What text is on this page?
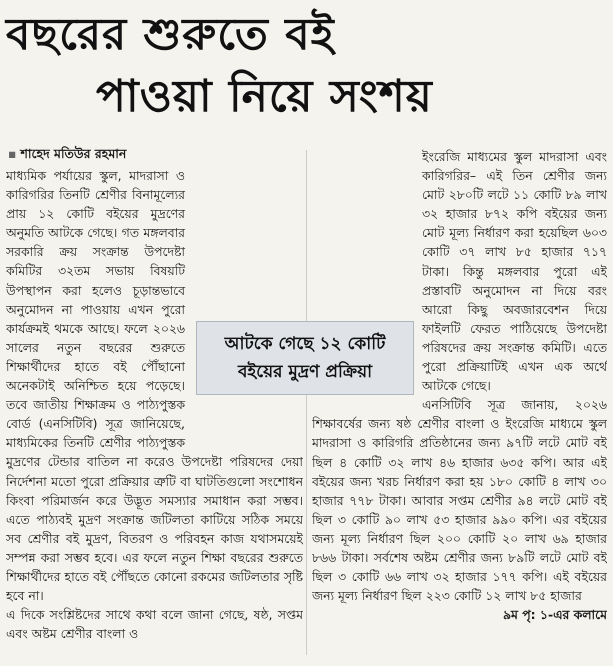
বছরের শুরুতে বই
পাওয়া নিয়ে সংশয়
▪ শাহেদ মতিউর রহমান

মাধ্যমিক পর্যায়ের স্কুল, মাদরাসা ও কারিগরির তিনটি শ্রেণীর বিনামূল্যের প্রায় ১২ কোটি বইয়ের মুদ্রণের অনুমতি আটকে গেছে। গত মঙ্গলবার সরকারি ক্রয় সংক্রান্ত উপদেষ্টা কমিটির ৩২তম সভায় বিষয়টি উপস্থাপন করা হলেও চূড়ান্তভাবে অনুমোদন না পাওয়ায় এখন পুরো কার্যক্রমই থমকে আছে। ফলে ২০২৬ সালের নতুন বছরের শুরুতে শিক্ষার্থীদের হাতে বই পৌঁছানো অনেকটাই অনিশ্চিত হয়ে পড়েছে। তবে জাতীয় শিক্ষাক্রম ও পাঠ্যপুস্তক বোর্ড (এনসিটিবি) সূত্র জানিয়েছে, মাধ্যমিকের তিনটি শ্রেণীর পাঠ্যপুস্তক মুদ্রণের টেন্ডার বাতিল না করেও উপদেষ্টা পরিষদের দেয়া নির্দেশনা মতো পুরো প্রক্রিয়ার ত্রুটি বা ঘাটতিগুলো সংশোধন কিংবা পরিমার্জন করে উদ্ভূত সমস্যার সমাধান করা সম্ভব। এতে পাঠ্যবই মুদ্রণ সংক্রান্ত জটিলতা কাটিয়ে সঠিক সময়ে সব শ্রেণীর বই মুদ্রণ, বিতরণ ও পরিবহন কাজ যথাসময়েই সম্পন্ন করা সম্ভব হবে। এর ফলে নতুন শিক্ষা বছরের শুরুতে শিক্ষার্থীদের হাতে বই পৌঁছতে কোনো রকমের জটিলতার সৃষ্টি হবে না।

এ দিকে সংশ্লিষ্টদের সাথে কথা বলে জানা গেছে, ষষ্ঠ, সপ্তম এবং অষ্টম শ্রেণীর বাংলা ও

ইংরেজি মাধ্যমের স্কুল মাদরাসা এবং কারিগরির– এই তিন শ্রেণীর জন্য মোট ২৮০টি লটে ১১ কোটি ৮৯ লাখ ৩২ হাজার ৮৭২ কপি বইয়ের জন্য মোট মূল্য নির্ধারণ করা হয়েছিল ৬০৩ কোটি ৩৭ লাখ ৮৫ হাজার ৭১৭ টাকা। কিন্তু মঙ্গলবার পুরো এই প্রস্তাবটি অনুমোদন না দিয়ে বরং আরো কিছু অবজারবেশন দিয়ে ফাইলটি ফেরত পাঠিয়েছে উপদেষ্টা পরিষদের ক্রয় সংক্রান্ত কমিটি। এতে পুরো প্রক্রিয়াটিই এখন এক অর্থে আটকে গেছে।

এনসিটিবি সূত্র জানায়, ২০২৬ শিক্ষাবর্ষের জন্য ষষ্ঠ শ্রেণীর বাংলা ও ইংরেজি মাধ্যমে স্কুল মাদরাসা ও কারিগরি প্রতিষ্ঠানের জন্য ৯৭টি লটে মোট বই ছিল ৪ কোটি ৩২ লাখ ৪৬ হাজার ৬৩৫ কপি। আর এই বইয়ের জন্য খরচ নির্ধারণ করা হয় ১৮০ কোটি ৪ লাখ ৩০ হাজার ৭৭৮ টাকা। আবার সপ্তম শ্রেণীর ৯৪ লটে মোট বই ছিল ৩ কোটি ৯০ লাখ ৫৩ হাজার ৯৯০ কপি। এর বইয়ের জন্য মূল্য নির্ধারণ ছিল ২০০ কোটি ২০ লাখ ৬৯ হাজার ৮৬৬ টাকা। সর্বশেষ অষ্টম শ্রেণীর জন্য ৮৯টি লটে মোট বই ছিল ৩ কোটি ৬৬ লাখ ৩২ হাজার ১৭৭ কপি। এই বইয়ের জন্য মূল্য নির্ধারণ ছিল ২২৩ কোটি ১২ লাখ ৮৫ হাজার

৯ম পৃ: ১-এর কলামে

আটকে গেছে ১২ কোটি
বইয়ের মুদ্রণ প্রক্রিয়া
